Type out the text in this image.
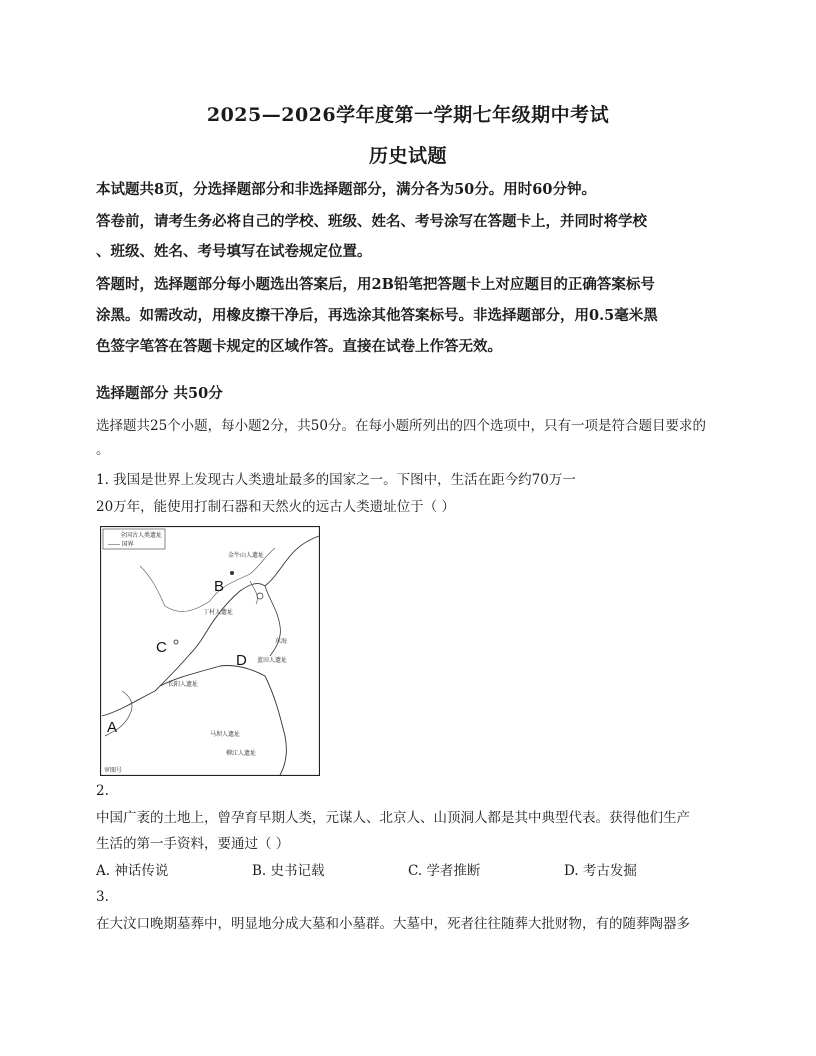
2025—2026学年度第一学期七年级期中考试
历史试题
本试题共8页，分选择题部分和非选择题部分，满分各为50分。用时60分钟。
答卷前，请考生务必将自己的学校、班级、姓名、考号涂写在答题卡上，并同时将学校
、班级、姓名、考号填写在试卷规定位置。
答题时，选择题部分每小题选出答案后，用2B铅笔把答题卡上对应题目的正确答案标号
涂黑。如需改动，用橡皮擦干净后，再选涂其他答案标号。非选择题部分，用0.5毫米黑
色签字笔答在答题卡规定的区域作答。直接在试卷上作答无效。
选择题部分 共50分
选择题共25个小题，每小题2分，共50分。在每小题所列出的四个选项中，只有一项是符合题目要求的
。
1. 我国是世界上发现古人类遗址最多的国家之一。下图中，生活在距今约70万一
20万年，能使用打制石器和天然火的远古人类遗址位于（ ）
全国古人类遗址
—— 国界
金牛山人遗址
丁村人遗址
蓝田人遗址
长阳人遗址
马坝人遗址
柳江人遗址
东海
A
B
C
D
审图号
2.
中国广袤的土地上，曾孕育早期人类，元谋人、北京人、山顶洞人都是其中典型代表。获得他们生产
生活的第一手资料，要通过（ ）
A. 神话传说	B. 史书记载	C. 学者推断	D. 考古发掘
3.
在大汶口晚期墓葬中，明显地分成大墓和小墓群。大墓中，死者往往随葬大批财物，有的随葬陶器多
